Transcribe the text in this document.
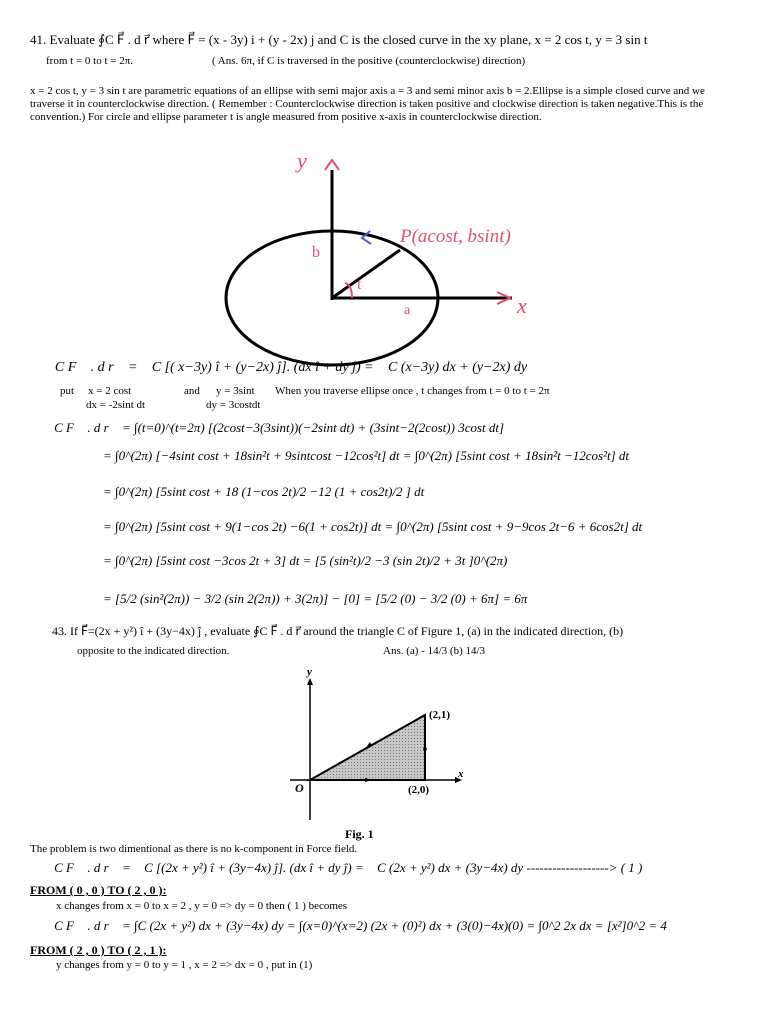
41. Evaluate ∮C F⃗ . d r⃗ where F⃗ = (x - 3y) i + (y - 2x) j and C is the closed curve in the xy plane, x = 2 cos t, y = 3 sin t
from t = 0 to t = 2π.	( Ans. 6π, if C is traversed in the positive (counterclockwise) direction)
x = 2 cos t, y = 3 sin t are parametric equations of an ellipse with semi major axis a = 3 and semi minor axis b = 2.Ellipse is a simple closed curve and we traverse it in counterclockwise direction. ( Remember : Counterclockwise direction is taken positive and clockwise direction is taken negative.This is the convention.) For circle and ellipse parameter t is angle measured from positive x-axis in counterclockwise direction.
y
x
P(acost, bsint)
b
t
a
∮C F⃗ . d r⃗ = ∮C [( x−3y) î + (y−2x) ĵ]. (dx î + dy ĵ) = ∮C (x−3y) dx + (y−2x) dy
put x = 2 cost
dx = -2sint dt
and y = 3sint
dy = 3costdt
When you traverse ellipse once , t changes from t = 0 to t = 2π
∮C F⃗ . d r⃗ = ∫(t=0)^(t=2π) [(2cost−3(3sint))(−2sint dt) + (3sint−2(2cost)) 3cost dt]
= ∫0^(2π) [−4sint cost + 18sin²t + 9sintcost −12cos²t] dt = ∫0^(2π) [5sint cost + 18sin²t −12cos²t] dt
= ∫0^(2π) [5sint cost + 18 (1−cos 2t)/2 −12 (1 + cos2t)/2 ] dt
= ∫0^(2π) [5sint cost + 9(1−cos 2t) −6(1 + cos2t)] dt = ∫0^(2π) [5sint cost + 9−9cos 2t−6 + 6cos2t] dt
= ∫0^(2π) [5sint cost −3cos 2t + 3] dt = [5 (sin²t)/2 −3 (sin 2t)/2 + 3t ]0^(2π)
= [5/2 (sin²(2π)) − 3/2 (sin 2(2π)) + 3(2π)] − [0] = [5/2 (0) − 3/2 (0) + 6π] = 6π
43. If F⃗=(2x + y²) î + (3y−4x) ĵ , evaluate ∮C F⃗ . d r⃗ around the triangle C of Figure 1, (a) in the indicated direction, (b)
opposite to the indicated direction.	Ans. (a) - 14/3 (b) 14/3
y
x
O
(2,1)
(2,0)
Fig. 1
The problem is two dimentional as there is no k-component in Force field.
∮C F⃗ . d r⃗ = ∮C [(2x + y²) î + (3y−4x) ĵ]. (dx î + dy ĵ) = ∮C (2x + y²) dx + (3y−4x) dy -------------------> ( 1 )
FROM ( 0 , 0 ) TO ( 2 , 0 ):
x changes from x = 0 to x = 2 , y = 0 => dy = 0 then ( 1 ) becomes
∮C F⃗ . d r⃗ = ∫C (2x + y²) dx + (3y−4x) dy = ∫(x=0)^(x=2) (2x + (0)²) dx + (3(0)−4x)(0) = ∫0^2 2x dx = [x²]0^2 = 4
FROM ( 2 , 0 ) TO ( 2 , 1 ):
y changes from y = 0 to y = 1 , x = 2 => dx = 0 , put in (1)
